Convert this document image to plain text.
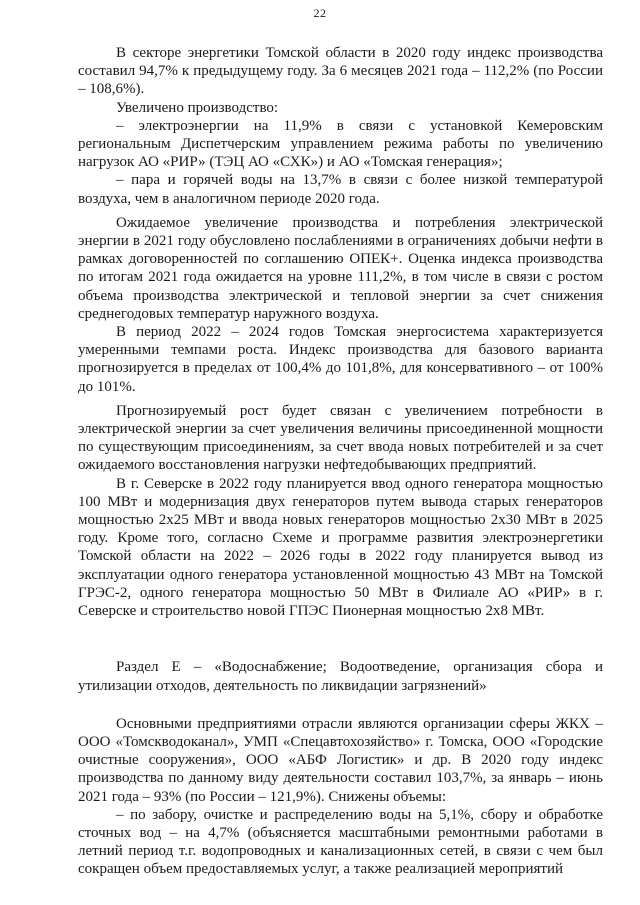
22

В секторе энергетики Томской области в 2020 году индекс производства составил 94,7% к предыдущему году. За 6 месяцев 2021 года – 112,2% (по России – 108,6%).

Увеличено производство:

– электроэнергии на 11,9% в связи с установкой Кемеровским региональным Диспетчерским управлением режима работы по увеличению нагрузок АО «РИР» (ТЭЦ АО «СХК») и АО «Томская генерация»;

– пара и горячей воды на 13,7% в связи с более низкой температурой воздуха, чем в аналогичном периоде 2020 года.

Ожидаемое увеличение производства и потребления электрической энергии в 2021 году обусловлено послаблениями в ограничениях добычи нефти в рамках договоренностей по соглашению ОПЕК+. Оценка индекса производства по итогам 2021 года ожидается на уровне 111,2%, в том числе в связи с ростом объема производства электрической и тепловой энергии за счет снижения среднегодовых температур наружного воздуха.

В период 2022 – 2024 годов Томская энергосистема характеризуется умеренными темпами роста. Индекс производства для базового варианта прогнозируется в пределах от 100,4% до 101,8%, для консервативного – от 100% до 101%.

Прогнозируемый рост будет связан с увеличением потребности в электрической энергии за счет увеличения величины присоединенной мощности по существующим присоединениям, за счет ввода новых потребителей и за счет ожидаемого восстановления нагрузки нефтедобывающих предприятий.

В г. Северске в 2022 году планируется ввод одного генератора мощностью 100 МВт и модернизация двух генераторов путем вывода старых генераторов мощностью 2х25 МВт и ввода новых генераторов мощностью 2х30 МВт в 2025 году. Кроме того, согласно Схеме и программе развития электроэнергетики Томской области на 2022 – 2026 годы в 2022 году планируется вывод из эксплуатации одного генератора установленной мощностью 43 МВт на Томской ГРЭС-2, одного генератора мощностью 50 МВт в Филиале АО «РИР» в г. Северске и строительство новой ГПЭС Пионерная мощностью 2х8 МВт.

Раздел Е – «Водоснабжение; Водоотведение, организация сбора и утилизации отходов, деятельность по ликвидации загрязнений»

Основными предприятиями отрасли являются организации сферы ЖКХ – ООО «Томскводоканал», УМП «Спецавтохозяйство» г. Томска, ООО «Городские очистные сооружения», ООО «АБФ Логистик» и др. В 2020 году индекс производства по данному виду деятельности составил 103,7%, за январь – июнь 2021 года – 93% (по России – 121,9%). Снижены объемы:

– по забору, очистке и распределению воды на 5,1%, сбору и обработке сточных вод – на 4,7% (объясняется масштабными ремонтными работами в летний период т.г. водопроводных и канализационных сетей, в связи с чем был сокращен объем предоставляемых услуг, а также реализацией мероприятий
